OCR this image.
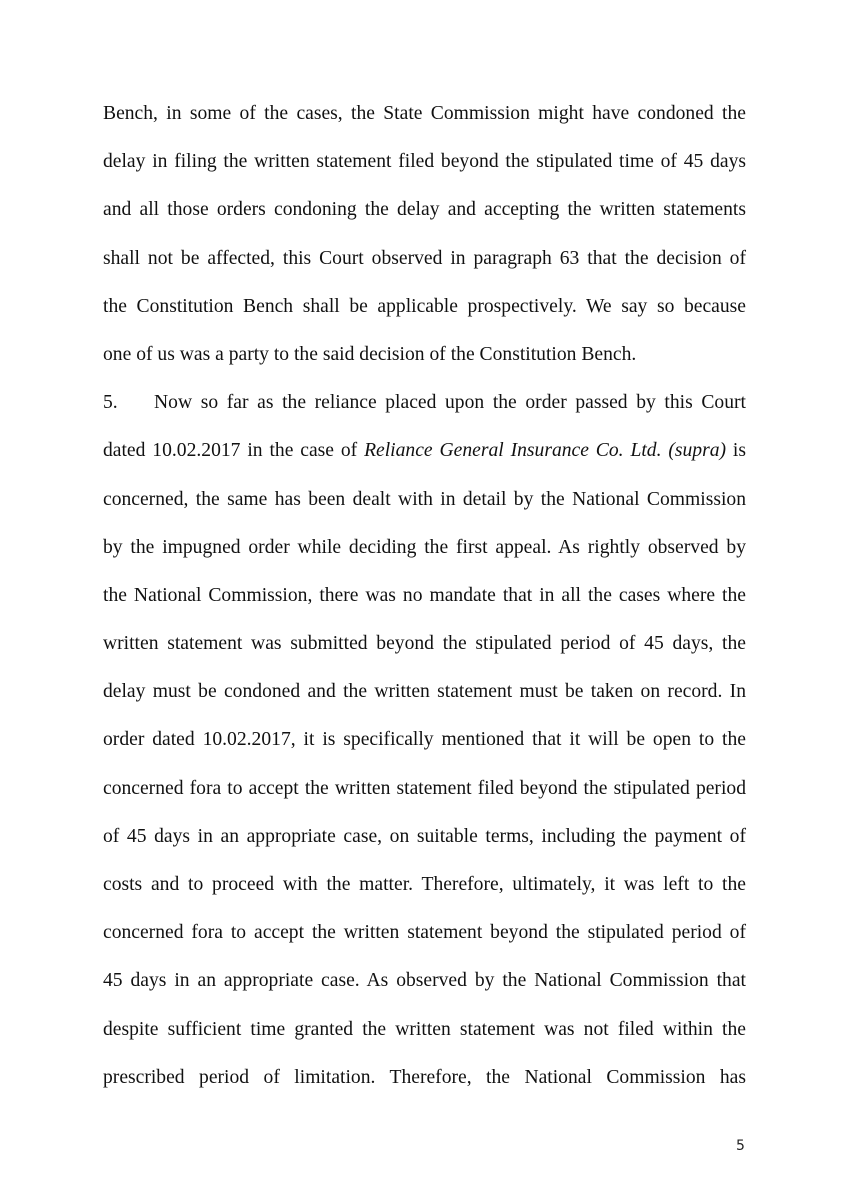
Bench, in some of the cases, the State Commission might have condoned the
delay in filing the written statement filed beyond the stipulated time of 45 days
and all those orders condoning the delay and accepting the written statements
shall not be affected, this Court observed in paragraph 63 that the decision of
the Constitution Bench shall be applicable prospectively. We say so because
one of us was a party to the said decision of the Constitution Bench.
5. Now so far as the reliance placed upon the order passed by this Court
dated 10.02.2017 in the case of Reliance General Insurance Co. Ltd. (supra) is
concerned, the same has been dealt with in detail by the National Commission
by the impugned order while deciding the first appeal. As rightly observed by
the National Commission, there was no mandate that in all the cases where the
written statement was submitted beyond the stipulated period of 45 days, the
delay must be condoned and the written statement must be taken on record. In
order dated 10.02.2017, it is specifically mentioned that it will be open to the
concerned fora to accept the written statement filed beyond the stipulated period
of 45 days in an appropriate case, on suitable terms, including the payment of
costs and to proceed with the matter. Therefore, ultimately, it was left to the
concerned fora to accept the written statement beyond the stipulated period of
45 days in an appropriate case. As observed by the National Commission that
despite sufficient time granted the written statement was not filed within the
prescribed period of limitation. Therefore, the National Commission has
5
